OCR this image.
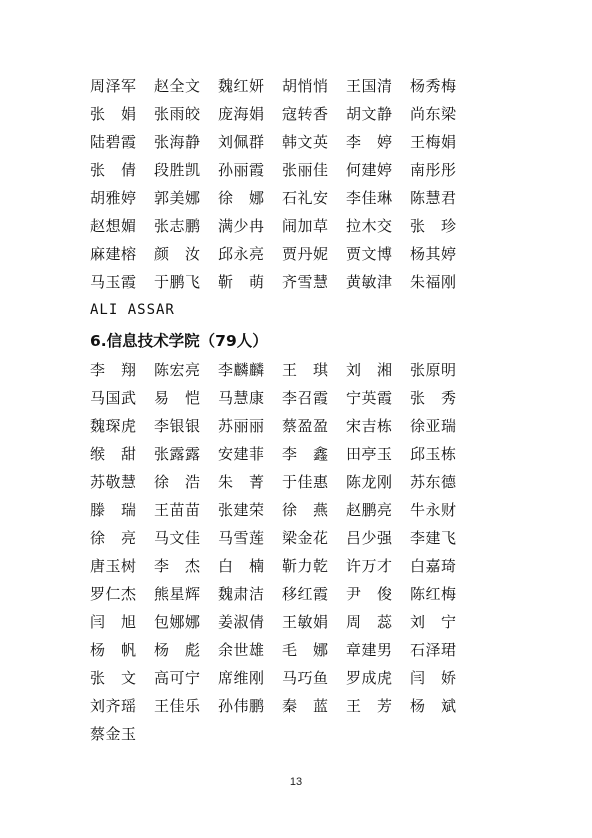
周泽军	赵全文	魏红妍	胡悄悄	王国清	杨秀梅
张　娟	张雨皎	庞海娟	寇转香	胡文静	尚东梁
陆碧霞	张海静	刘佩群	韩文英	李　婷	王梅娟
张　倩	段胜凯	孙丽霞	张丽佳	何建婷	南彤彤
胡雅婷	郭美娜	徐　娜	石礼安	李佳琳	陈慧君
赵想媚	张志鹏	满少冉	闹加草	拉木交	张　珍
麻建榕	颜　汝	邱永亮	贾丹妮	贾文博	杨其婷
马玉霞	于鹏飞	靳　萌	齐雪慧	黄敏津	朱福刚
ALI ASSAR
6.信息技术学院（79人）
李　翔	陈宏亮	李麟麟	王　琪	刘　湘	张原明
马国武	易　恺	马慧康	李召霞	宁英霞	张　秀
魏琛虎	李银银	苏丽丽	蔡盈盈	宋吉栋	徐亚瑞
缑　甜	张露露	安建菲	李　鑫	田亭玉	邱玉栋
苏敬慧	徐　浩	朱　菁	于佳惠	陈龙刚	苏东德
滕　瑞	王苗苗	张建荣	徐　燕	赵鹏亮	牛永财
徐　亮	马文佳	马雪莲	梁金花	吕少强	李建飞
唐玉树	李　杰	白　楠	靳力乾	许万才	白嘉琦
罗仁杰	熊星辉	魏肃洁	移红霞	尹　俊	陈红梅
闫　旭	包娜娜	姜淑倩	王敏娟	周　蕊	刘　宁
杨　帆	杨　彪	余世雄	毛　娜	章建男	石泽珺
张　文	高可宁	席维刚	马巧鱼	罗成虎	闫　娇
刘齐瑶	王佳乐	孙伟鹏	秦　蓝	王　芳	杨　斌
蔡金玉
13
